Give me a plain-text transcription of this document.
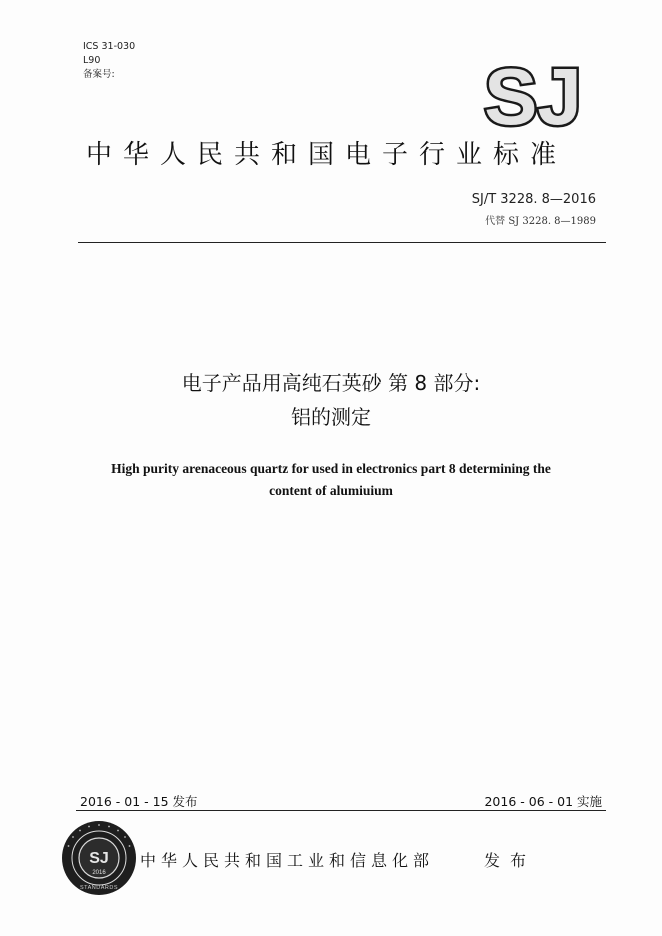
ICS 31-030
L90
备案号:	SJ
中华人民共和国电子行业标准
SJ/T 3228. 8—2016
代替 SJ 3228. 8—1989
电子产品用高纯石英砂 第 8 部分:
铝的测定
High purity arenaceous quartz for used in electronics part 8 determining the
content of alumiuium
2016 - 01 - 15 发布	2016 - 06 - 01 实施
SJ
2016
STANDARDS
中华人民共和国工业和信息化部	发布
